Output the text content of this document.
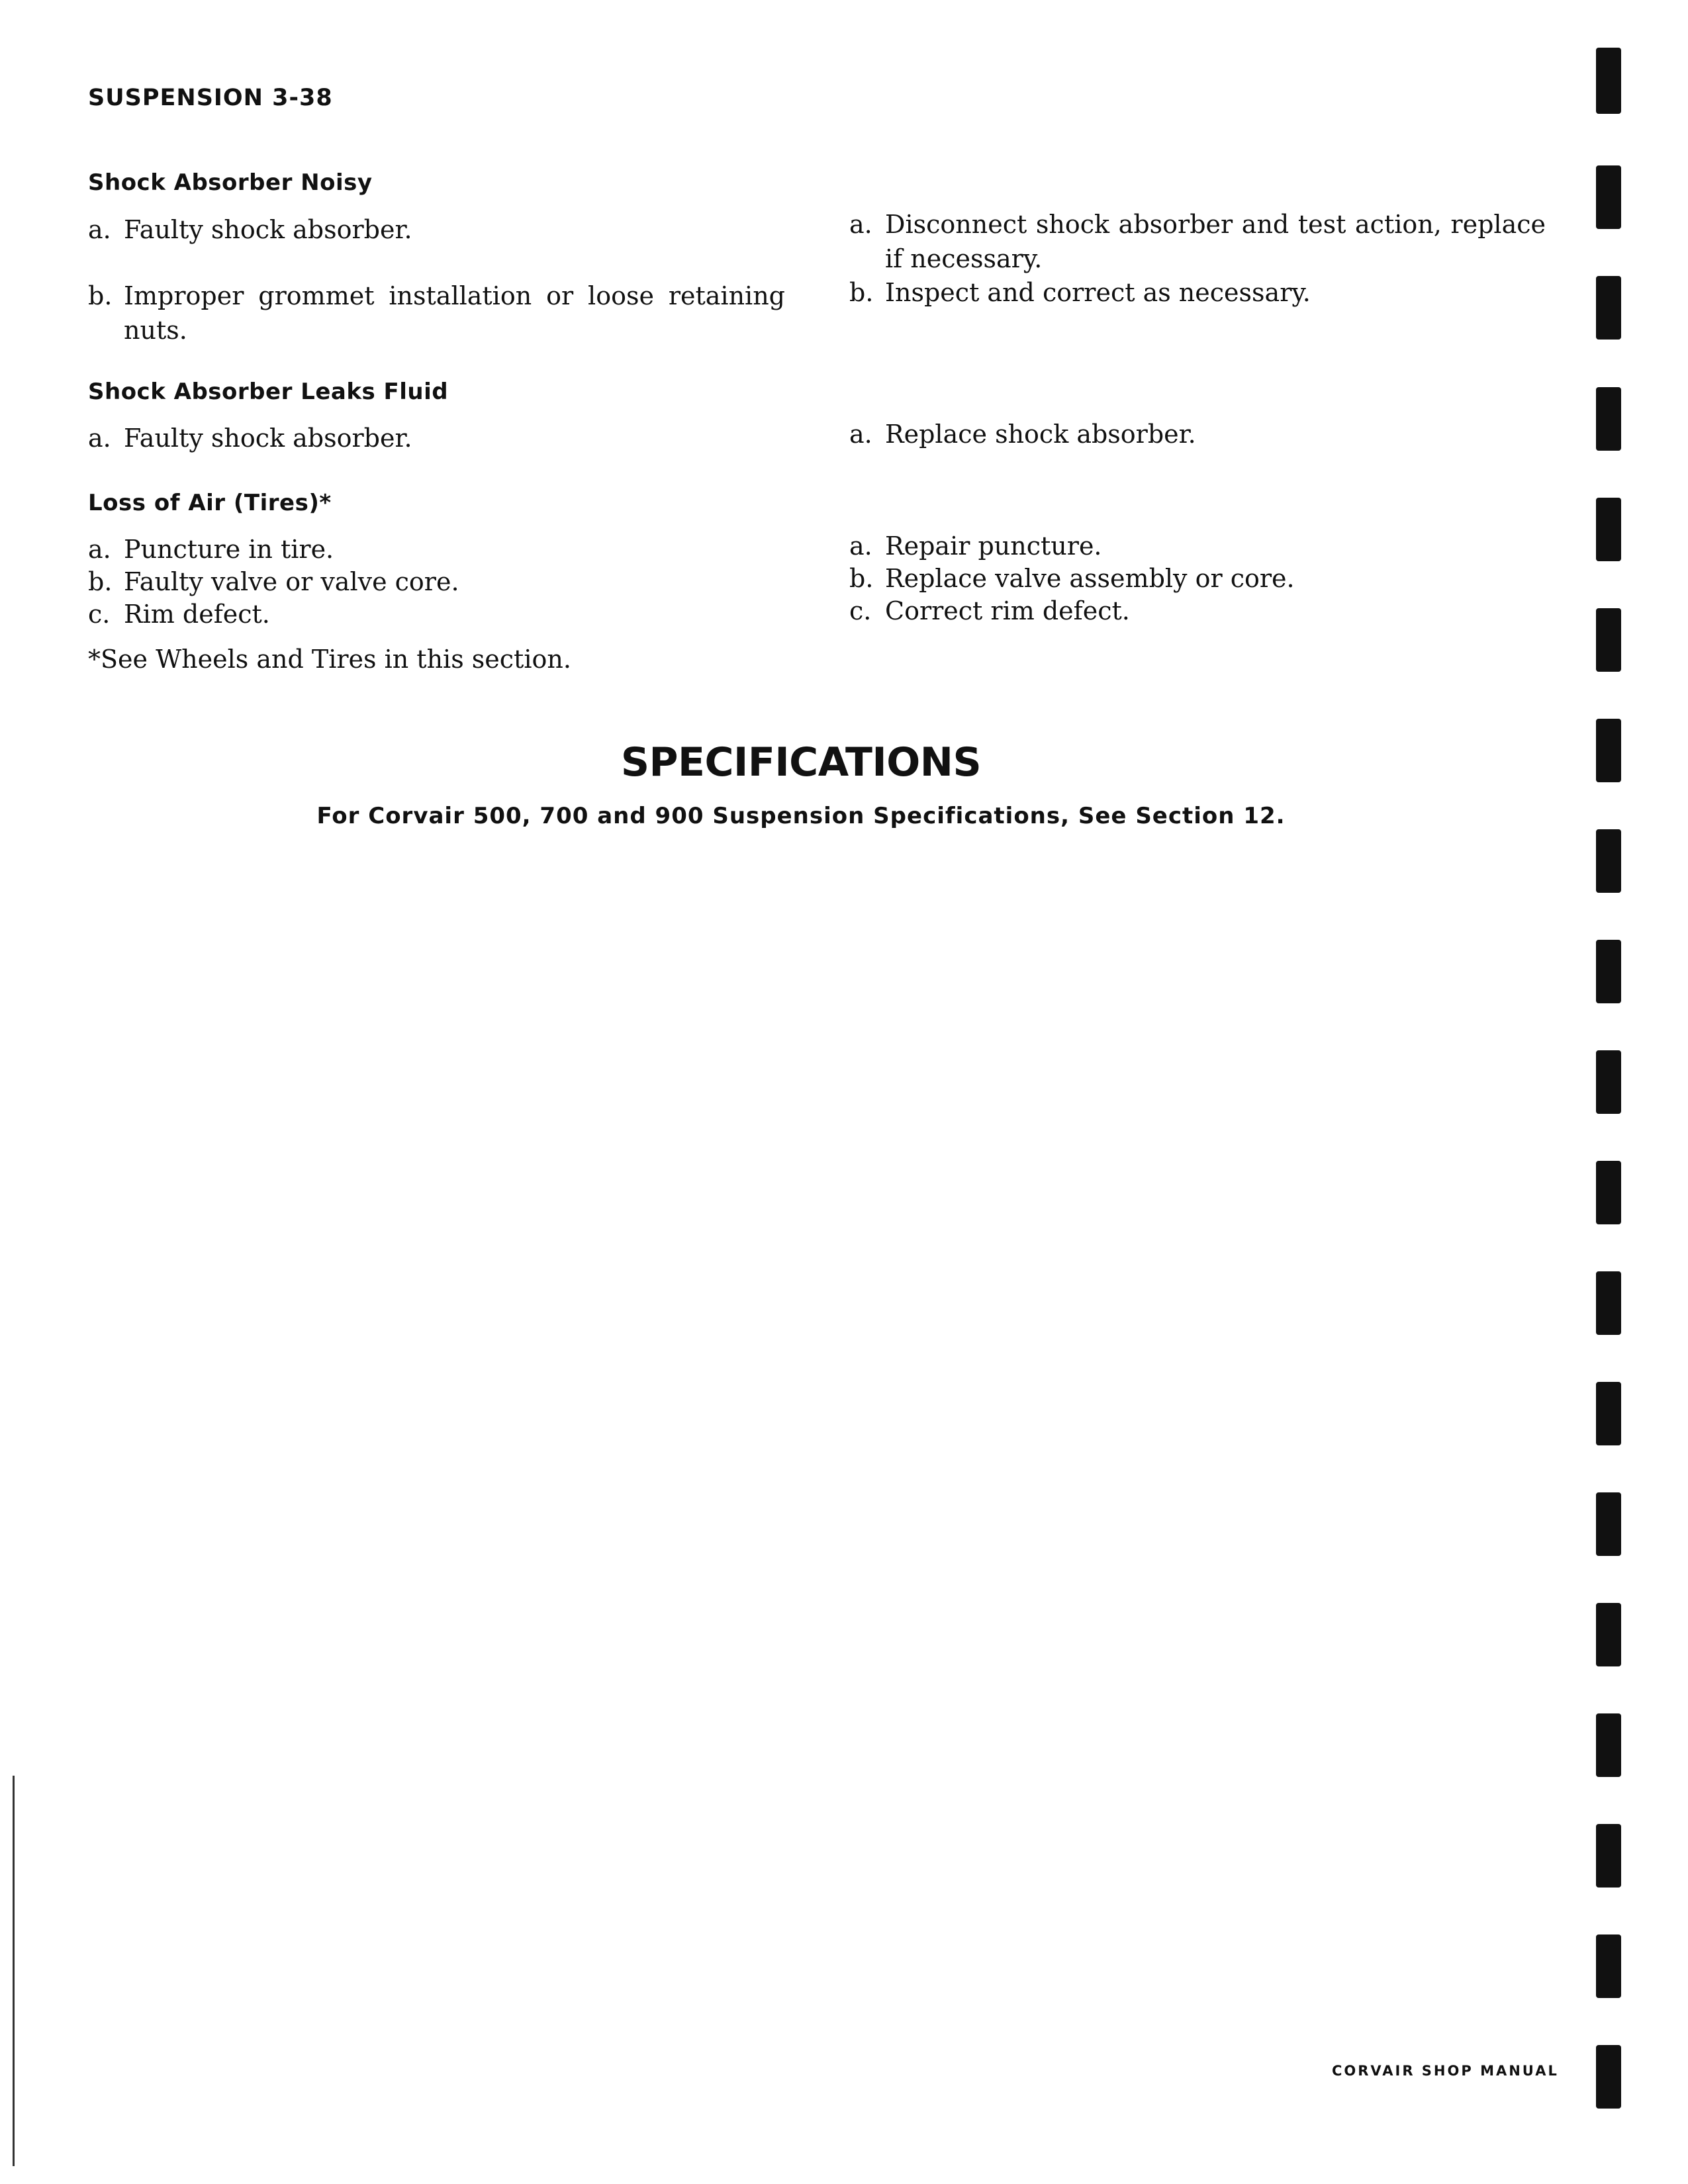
SUSPENSION 3-38
Shock Absorber Noisy
a. Faulty shock absorber.
b. Improper grommet installation or loose retaining nuts.
a. Disconnect shock absorber and test action, replace if necessary.
b. Inspect and correct as necessary.
Shock Absorber Leaks Fluid
a. Faulty shock absorber.	a. Replace shock absorber.
Loss of Air (Tires)*
a. Puncture in tire.
b. Faulty valve or valve core.
c. Rim defect.
a. Repair puncture.
b. Replace valve assembly or core.
c. Correct rim defect.
*See Wheels and Tires in this section.
SPECIFICATIONS
For Corvair 500, 700 and 900 Suspension Specifications, See Section 12.
CORVAIR SHOP MANUAL
